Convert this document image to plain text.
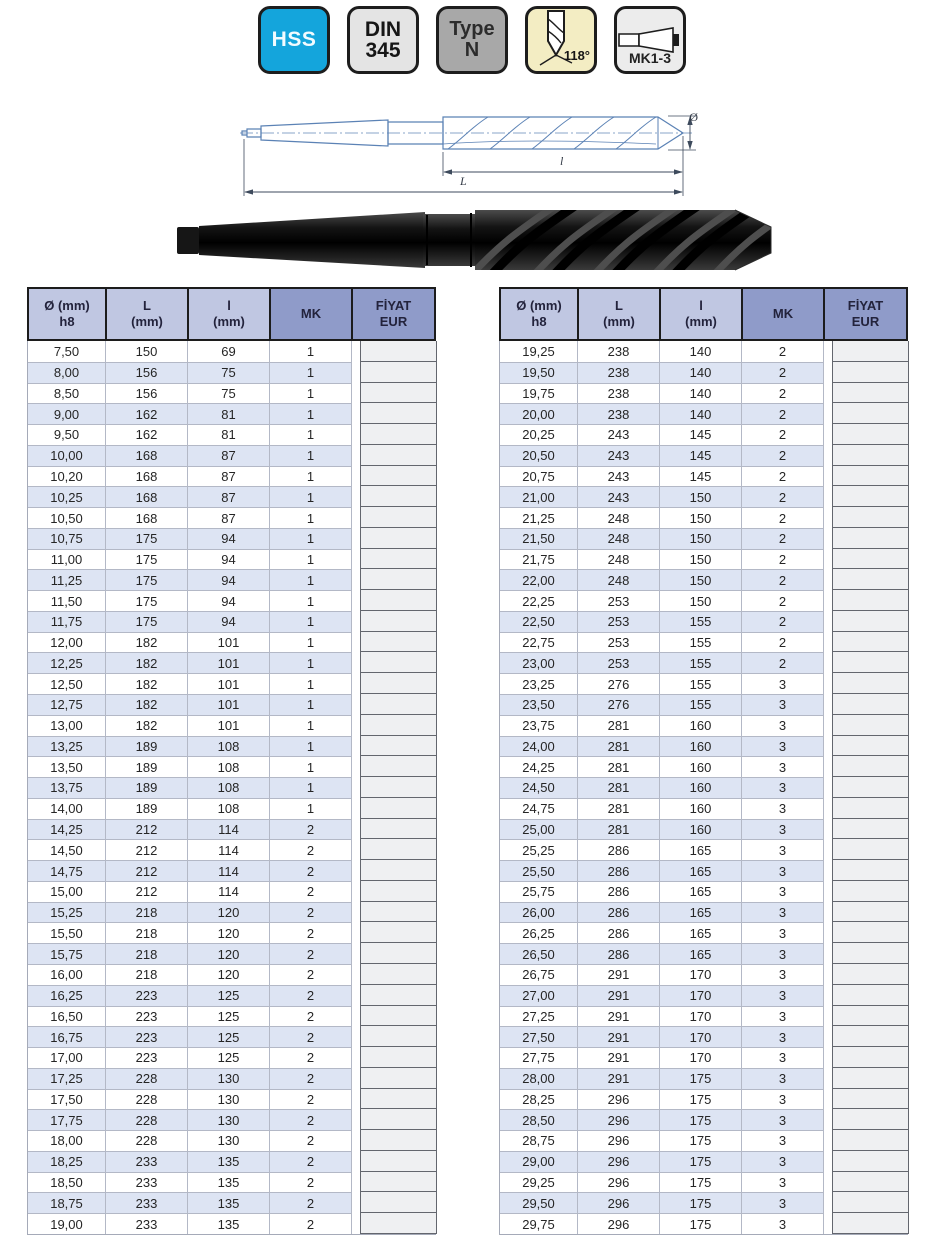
HSS DIN
345
Type
N	118°	MK1-3
Ø
l
L
Ø (mm)
h8
L
(mm)
l
(mm)
MK
FİYAT
EUR
7,50	150	69	1
8,00	156	75	1
8,50	156	75	1
9,00	162	81	1
9,50	162	81	1
10,00	168	87	1
10,20	168	87	1
10,25	168	87	1
10,50	168	87	1
10,75	175	94	1
11,00	175	94	1
11,25	175	94	1
11,50	175	94	1
11,75	175	94	1
12,00	182	101	1
12,25	182	101	1
12,50	182	101	1
12,75	182	101	1
13,00	182	101	1
13,25	189	108	1
13,50	189	108	1
13,75	189	108	1
14,00	189	108	1
14,25	212	114	2
14,50	212	114	2
14,75	212	114	2
15,00	212	114	2
15,25	218	120	2
15,50	218	120	2
15,75	218	120	2
16,00	218	120	2
16,25	223	125	2
16,50	223	125	2
16,75	223	125	2
17,00	223	125	2
17,25	228	130	2
17,50	228	130	2
17,75	228	130	2
18,00	228	130	2
18,25	233	135	2
18,50	233	135	2
18,75	233	135	2
19,00	233	135	2
Ø (mm)
h8
L
(mm)
l
(mm)
MK
FİYAT
EUR
19,25	238	140	2
19,50	238	140	2
19,75	238	140	2
20,00	238	140	2
20,25	243	145	2
20,50	243	145	2
20,75	243	145	2
21,00	243	150	2
21,25	248	150	2
21,50	248	150	2
21,75	248	150	2
22,00	248	150	2
22,25	253	150	2
22,50	253	155	2
22,75	253	155	2
23,00	253	155	2
23,25	276	155	3
23,50	276	155	3
23,75	281	160	3
24,00	281	160	3
24,25	281	160	3
24,50	281	160	3
24,75	281	160	3
25,00	281	160	3
25,25	286	165	3
25,50	286	165	3
25,75	286	165	3
26,00	286	165	3
26,25	286	165	3
26,50	286	165	3
26,75	291	170	3
27,00	291	170	3
27,25	291	170	3
27,50	291	170	3
27,75	291	170	3
28,00	291	175	3
28,25	296	175	3
28,50	296	175	3
28,75	296	175	3
29,00	296	175	3
29,25	296	175	3
29,50	296	175	3
29,75	296	175	3
